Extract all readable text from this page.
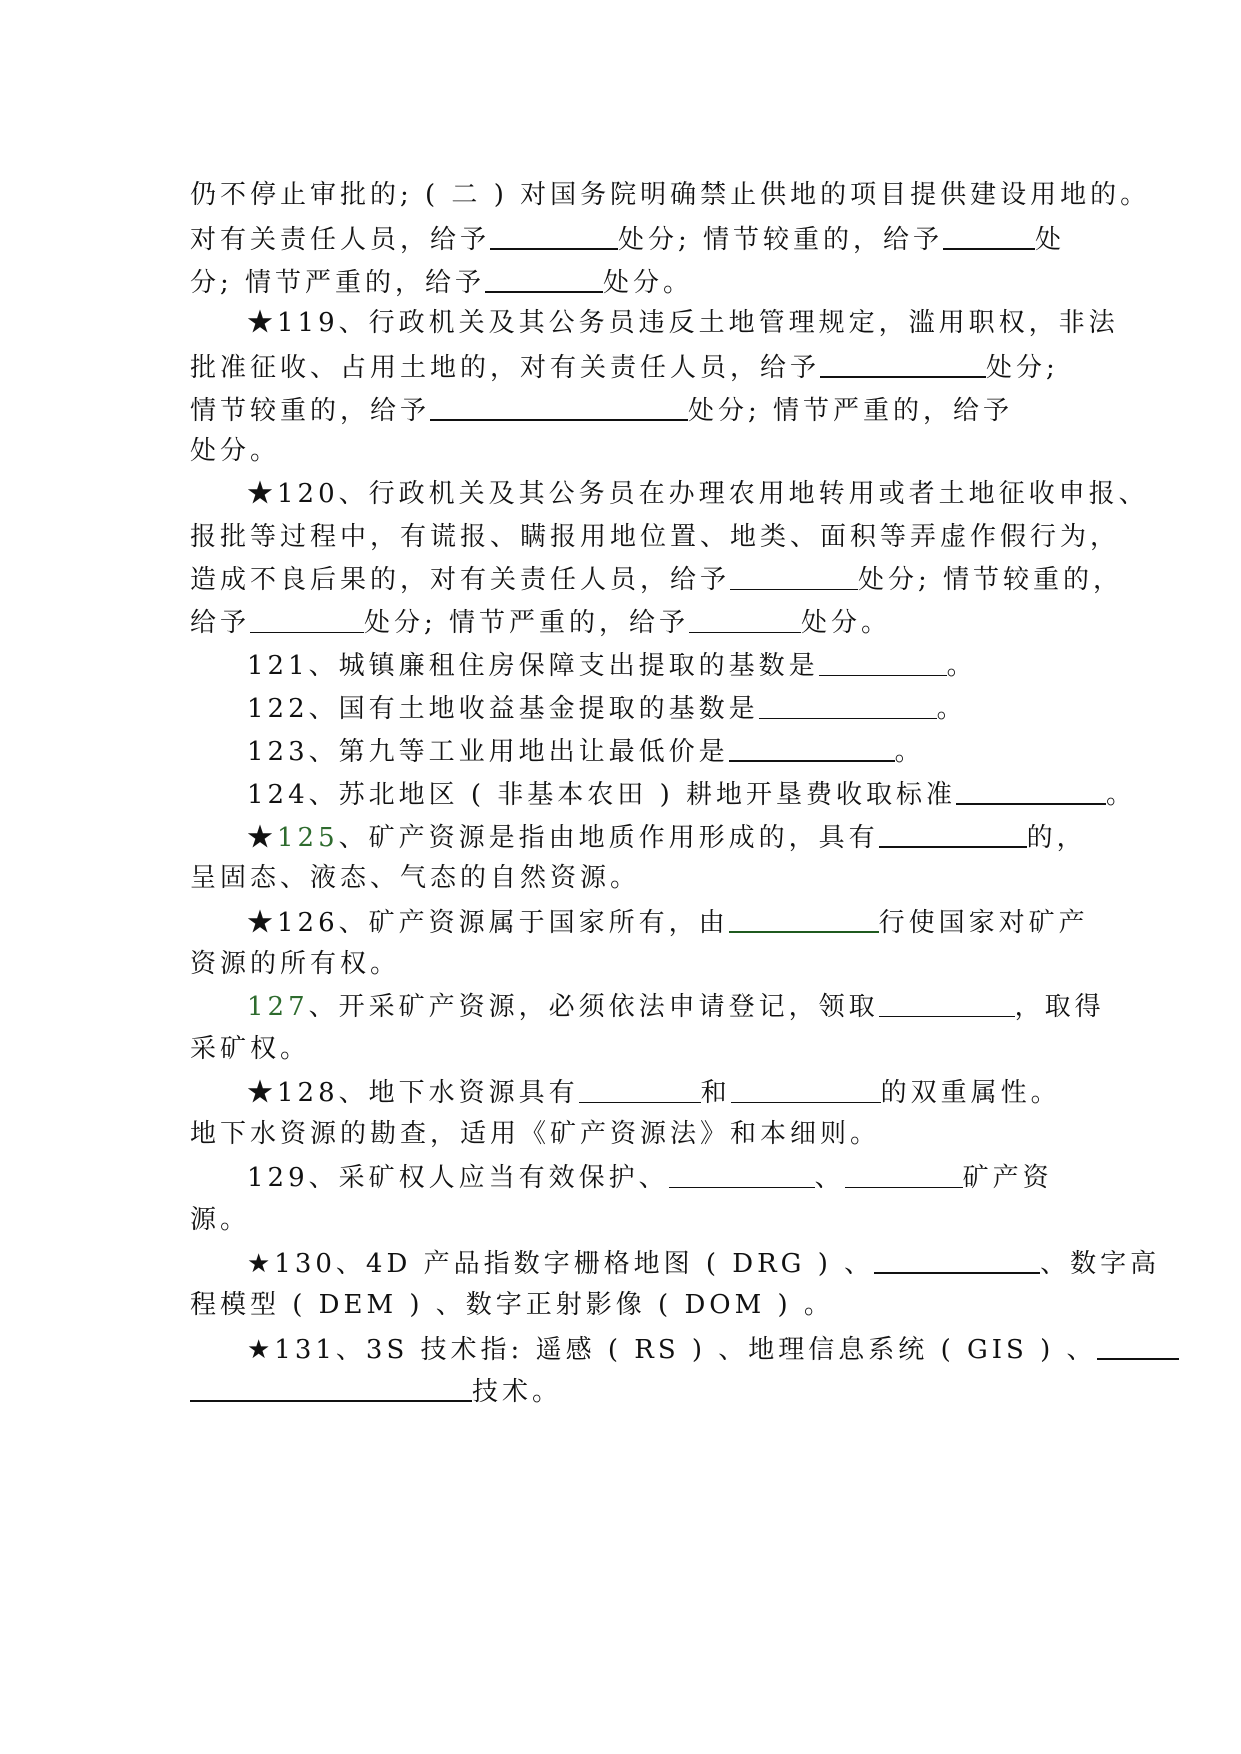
仍不停止审批的; ( 二 ) 对国务院明确禁止供地的项目提供建设用地的。
对有关责任人员，给予	处分; 情节较重的，给予	处
分; 情节严重的，给予	处分。
★119、行政机关及其公务员违反土地管理规定，滥用职权，非法
批准征收、占用土地的，对有关责任人员，给予	处分;
情节较重的，给予	处分; 情节严重的，给予
处分。
★120、行政机关及其公务员在办理农用地转用或者土地征收申报、
报批等过程中，有谎报、瞒报用地位置、地类、面积等弄虚作假行为，
造成不良后果的，对有关责任人员，给予	处分; 情节较重的，
给予	处分; 情节严重的，给予	处分。
121、城镇廉租住房保障支出提取的基数是	。
122、国有土地收益基金提取的基数是	。
123、第九等工业用地出让最低价是	。
124、苏北地区 ( 非基本农田 ) 耕地开垦费收取标准	。
★125、矿产资源是指由地质作用形成的，具有	的，
呈固态、液态、气态的自然资源。
★126、矿产资源属于国家所有，由	行使国家对矿产
资源的所有权。
127、开采矿产资源，必须依法申请登记，领取	，取得
采矿权。
★128、地下水资源具有	和	的双重属性。
地下水资源的勘查，适用《矿产资源法》和本细则。
129、采矿权人应当有效保护、	、	矿产资
源。
★130、4D 产品指数字栅格地图 ( DRG ) 、	、数字高
程模型 ( DEM ) 、数字正射影像 ( DOM ) 。
★131、3S 技术指: 遥感 ( RS ) 、地理信息系统 ( GIS ) 、
技术。
